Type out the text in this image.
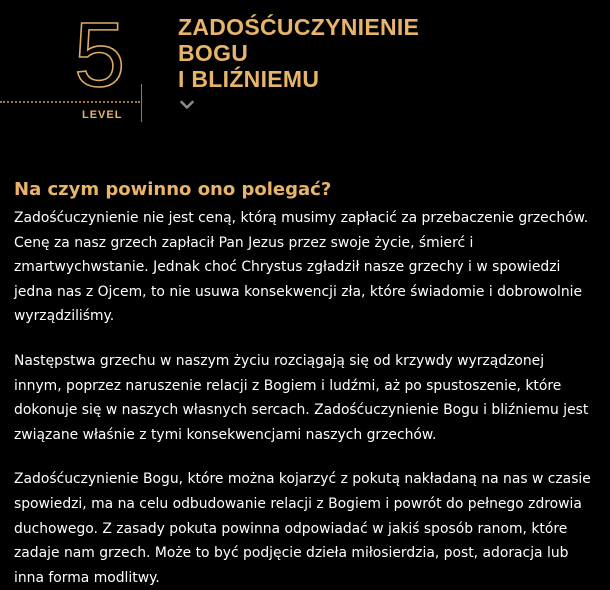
5
LEVEL
ZADOŚĆUCZYNIENIE
BOGU
I BLIŹNIEMU
Na czym powinno ono polegać?

Zadośćuczynienie nie jest ceną, którą musimy zapłacić za przebaczenie grzechów. Cenę za nasz grzech zapłacił Pan Jezus przez swoje życie, śmierć i zmartwychwstanie. Jednak choć Chrystus zgładził nasze grzechy i w spowiedzi jedna nas z Ojcem, to nie usuwa konsekwencji zła, które świadomie i dobrowolnie wyrządziliśmy.

Następstwa grzechu w naszym życiu rozciągają się od krzywdy wyrządzonej innym, poprzez naruszenie relacji z Bogiem i ludźmi, aż po spustoszenie, które dokonuje się w naszych własnych sercach. Zadośćuczynienie Bogu i bliźniemu jest związane właśnie z tymi konsekwencjami naszych grzechów.

Zadośćuczynienie Bogu, które można kojarzyć z pokutą nakładaną na nas w czasie spowiedzi, ma na celu odbudowanie relacji z Bogiem i powrót do pełnego zdrowia duchowego. Z zasady pokuta powinna odpowiadać w jakiś sposób ranom, które zadaje nam grzech. Może to być podjęcie dzieła miłosierdzia, post, adoracja lub inna forma modlitwy.
